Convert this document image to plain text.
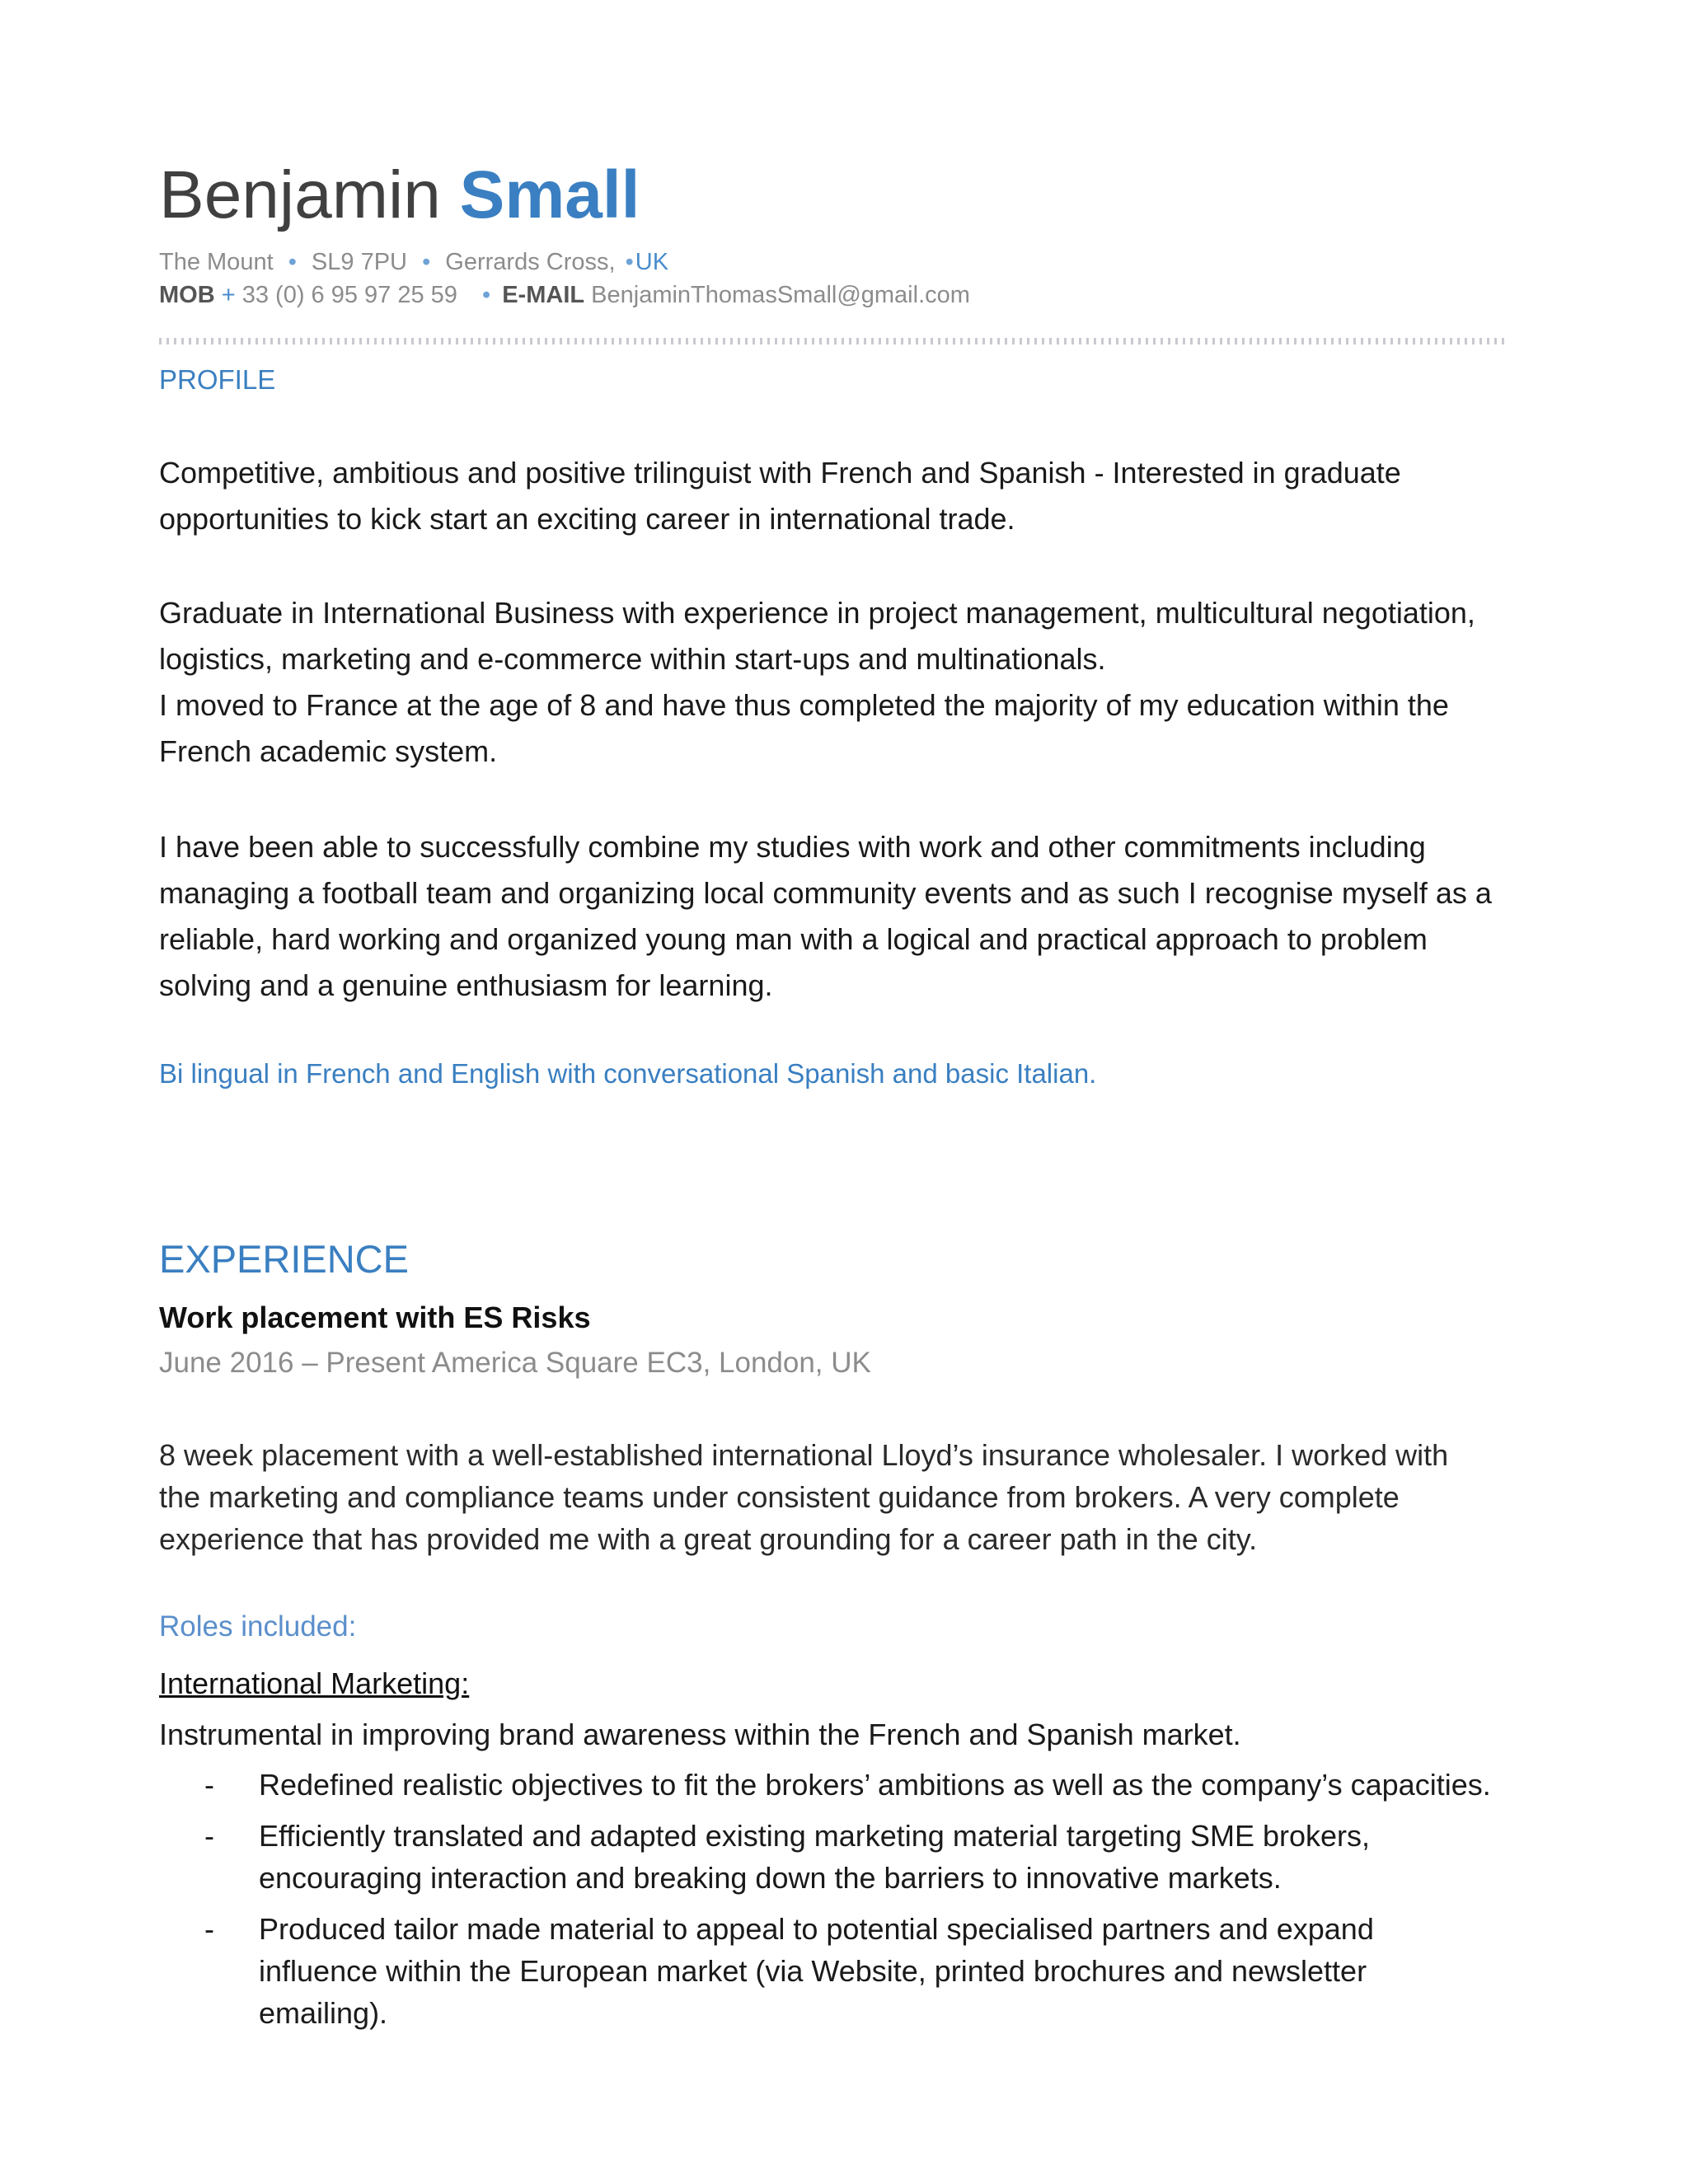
Benjamin Small
The Mount • SL9 7PU • Gerrards Cross, •UK
MOB + 33 (0) 6 95 97 25 59 • E-MAIL BenjaminThomasSmall@gmail.com
PROFILE
Competitive, ambitious and positive trilinguist with French and Spanish - Interested in graduate
opportunities to kick start an exciting career in international trade.
Graduate in International Business with experience in project management, multicultural negotiation,
logistics, marketing and e-commerce within start-ups and multinationals.
I moved to France at the age of 8 and have thus completed the majority of my education within the
French academic system.
I have been able to successfully combine my studies with work and other commitments including
managing a football team and organizing local community events and as such I recognise myself as a
reliable, hard working and organized young man with a logical and practical approach to problem
solving and a genuine enthusiasm for learning.
Bi lingual in French and English with conversational Spanish and basic Italian.
EXPERIENCE
Work placement with ES Risks
June 2016 – Present America Square EC3, London, UK
8 week placement with a well-established international Lloyd’s insurance wholesaler. I worked with
the marketing and compliance teams under consistent guidance from brokers. A very complete
experience that has provided me with a great grounding for a career path in the city.
Roles included:
International Marketing:
Instrumental in improving brand awareness within the French and Spanish market.
- Redefined realistic objectives to fit the brokers’ ambitions as well as the company’s capacities.
- Efficiently translated and adapted existing marketing material targeting SME brokers,
encouraging interaction and breaking down the barriers to innovative markets.
- Produced tailor made material to appeal to potential specialised partners and expand
influence within the European market (via Website, printed brochures and newsletter
emailing).
